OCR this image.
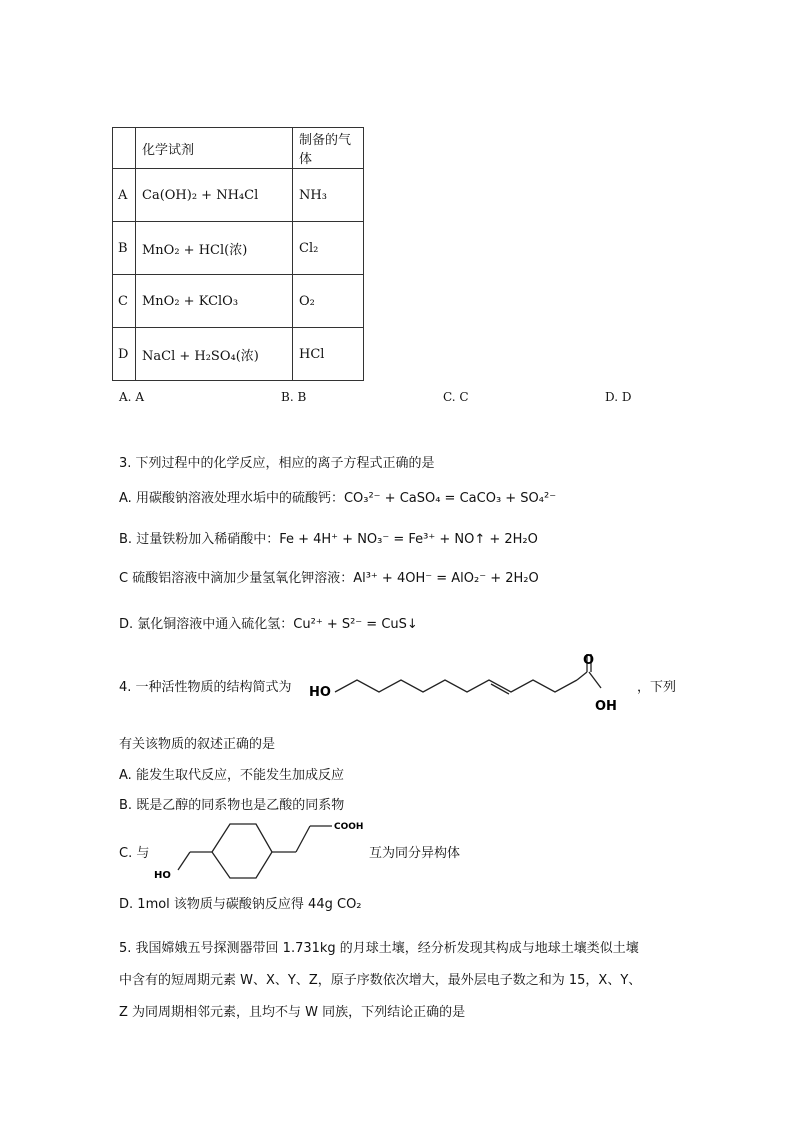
	化学试剂	制备的气体
A	Ca(OH)₂ + NH₄Cl	NH₃
B	MnO₂ + HCl(浓)	Cl₂
C	MnO₂ + KClO₃	O₂
D	NaCl + H₂SO₄(浓)	HCl
A. A	B. B	C. C	D. D
3. 下列过程中的化学反应，相应的离子方程式正确的是
A. 用碳酸钠溶液处理水垢中的硫酸钙：CO₃²⁻ + CaSO₄ = CaCO₃ + SO₄²⁻
B. 过量铁粉加入稀硝酸中：Fe + 4H⁺ + NO₃⁻ = Fe³⁺ + NO↑ + 2H₂O
C 硫酸铝溶液中滴加少量氢氧化钾溶液：Al³⁺ + 4OH⁻ = AlO₂⁻ + 2H₂O
D. 氯化铜溶液中通入硫化氢：Cu²⁺ + S²⁻ = CuS↓
4. 一种活性物质的结构简式为 HO
O
OH
，下列
有关该物质的叙述正确的是
A. 能发生取代反应，不能发生加成反应
B. 既是乙醇的同系物也是乙酸的同系物
C. 与
HO
COOH
互为同分异构体
D. 1mol 该物质与碳酸钠反应得 44g CO₂
5. 我国嫦娥五号探测器带回 1.731kg 的月球土壤，经分析发现其构成与地球土壤类似土壤
中含有的短周期元素 W、X、Y、Z，原子序数依次增大，最外层电子数之和为 15，X、Y、
Z 为同周期相邻元素，且均不与 W 同族，下列结论正确的是
